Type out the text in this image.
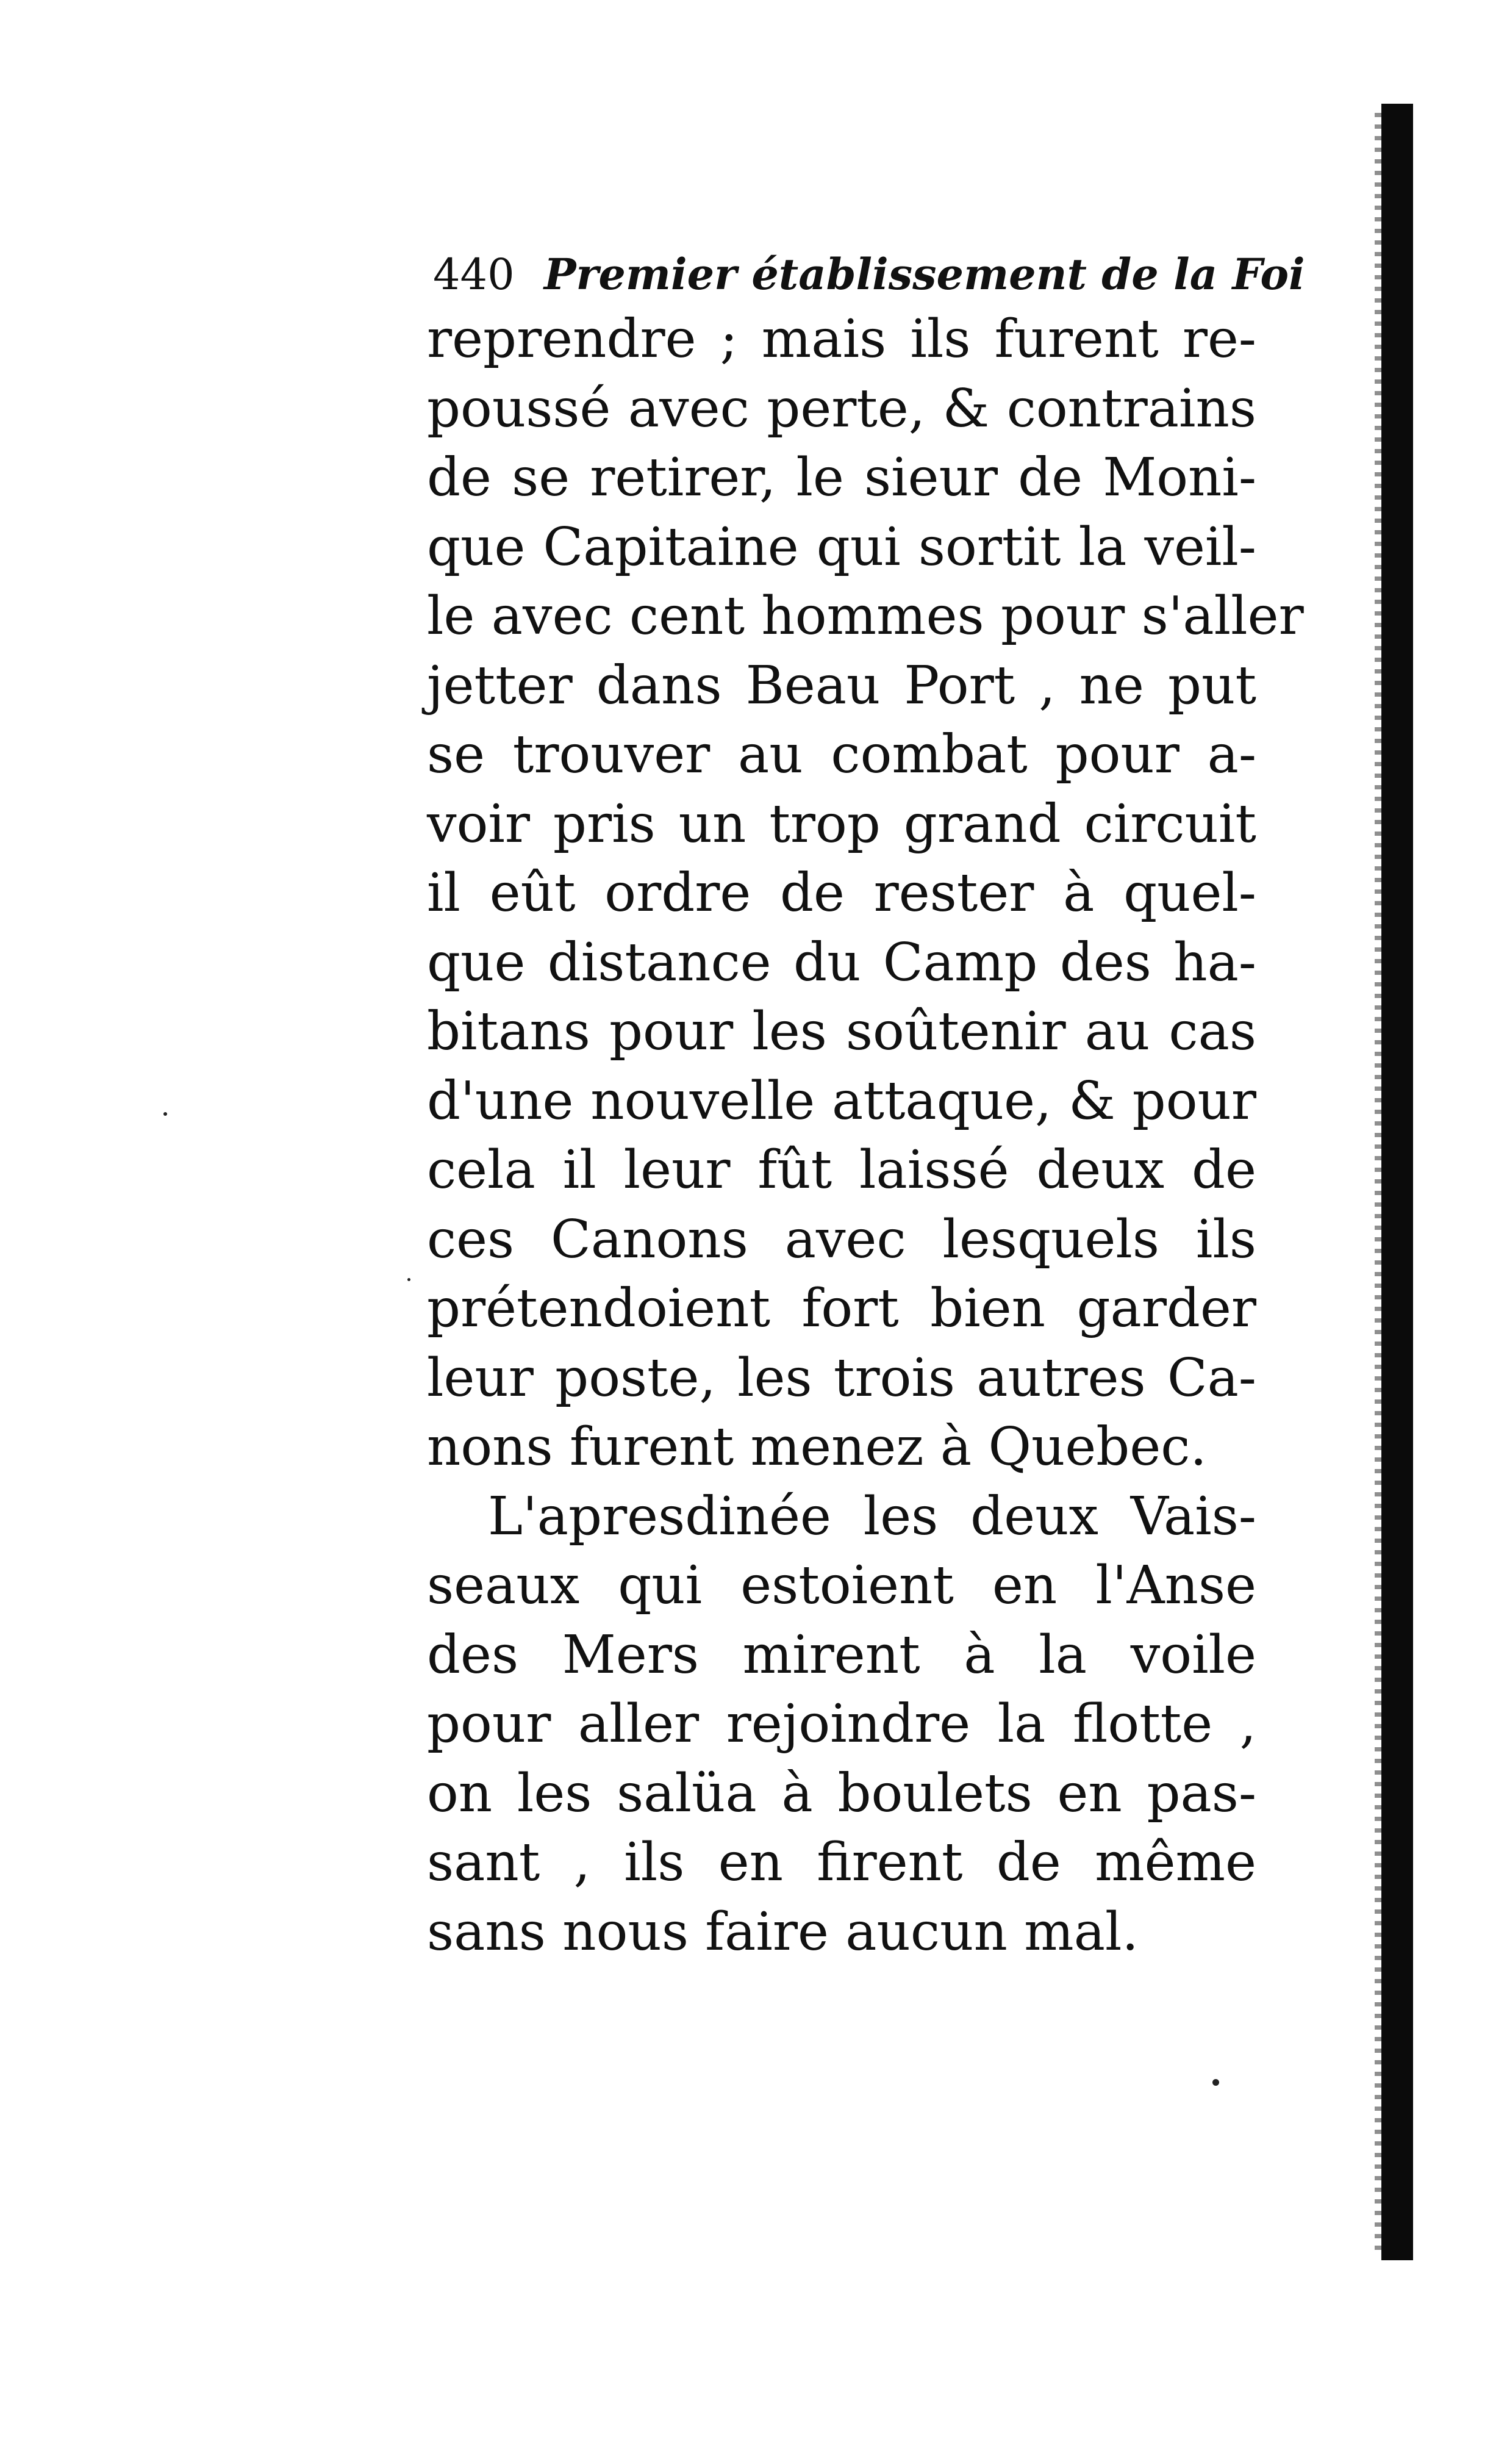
440 Premier établissement de la Foi
reprendre ; mais ils furent re-
poussé avec perte, & contrains
de se retirer, le sieur de Moni-
que Capitaine qui sortit la veil-
le avec cent hommes pour s'aller
jetter dans Beau Port , ne put
se trouver au combat pour a-
voir pris un trop grand circuit
il eût ordre de rester à quel-
que distance du Camp des ha-
bitans pour les soûtenir au cas
d'une nouvelle attaque, & pour
cela il leur fût laissé deux de
ces Canons avec lesquels ils
prétendoient fort bien garder
leur poste, les trois autres Ca-
nons furent menez à Quebec.
L'apresdinée les deux Vais-
seaux qui estoient en l'Anse
des Mers mirent à la voile
pour aller rejoindre la flotte ,
on les salüa à boulets en pas-
sant , ils en firent de même
sans nous faire aucun mal.
